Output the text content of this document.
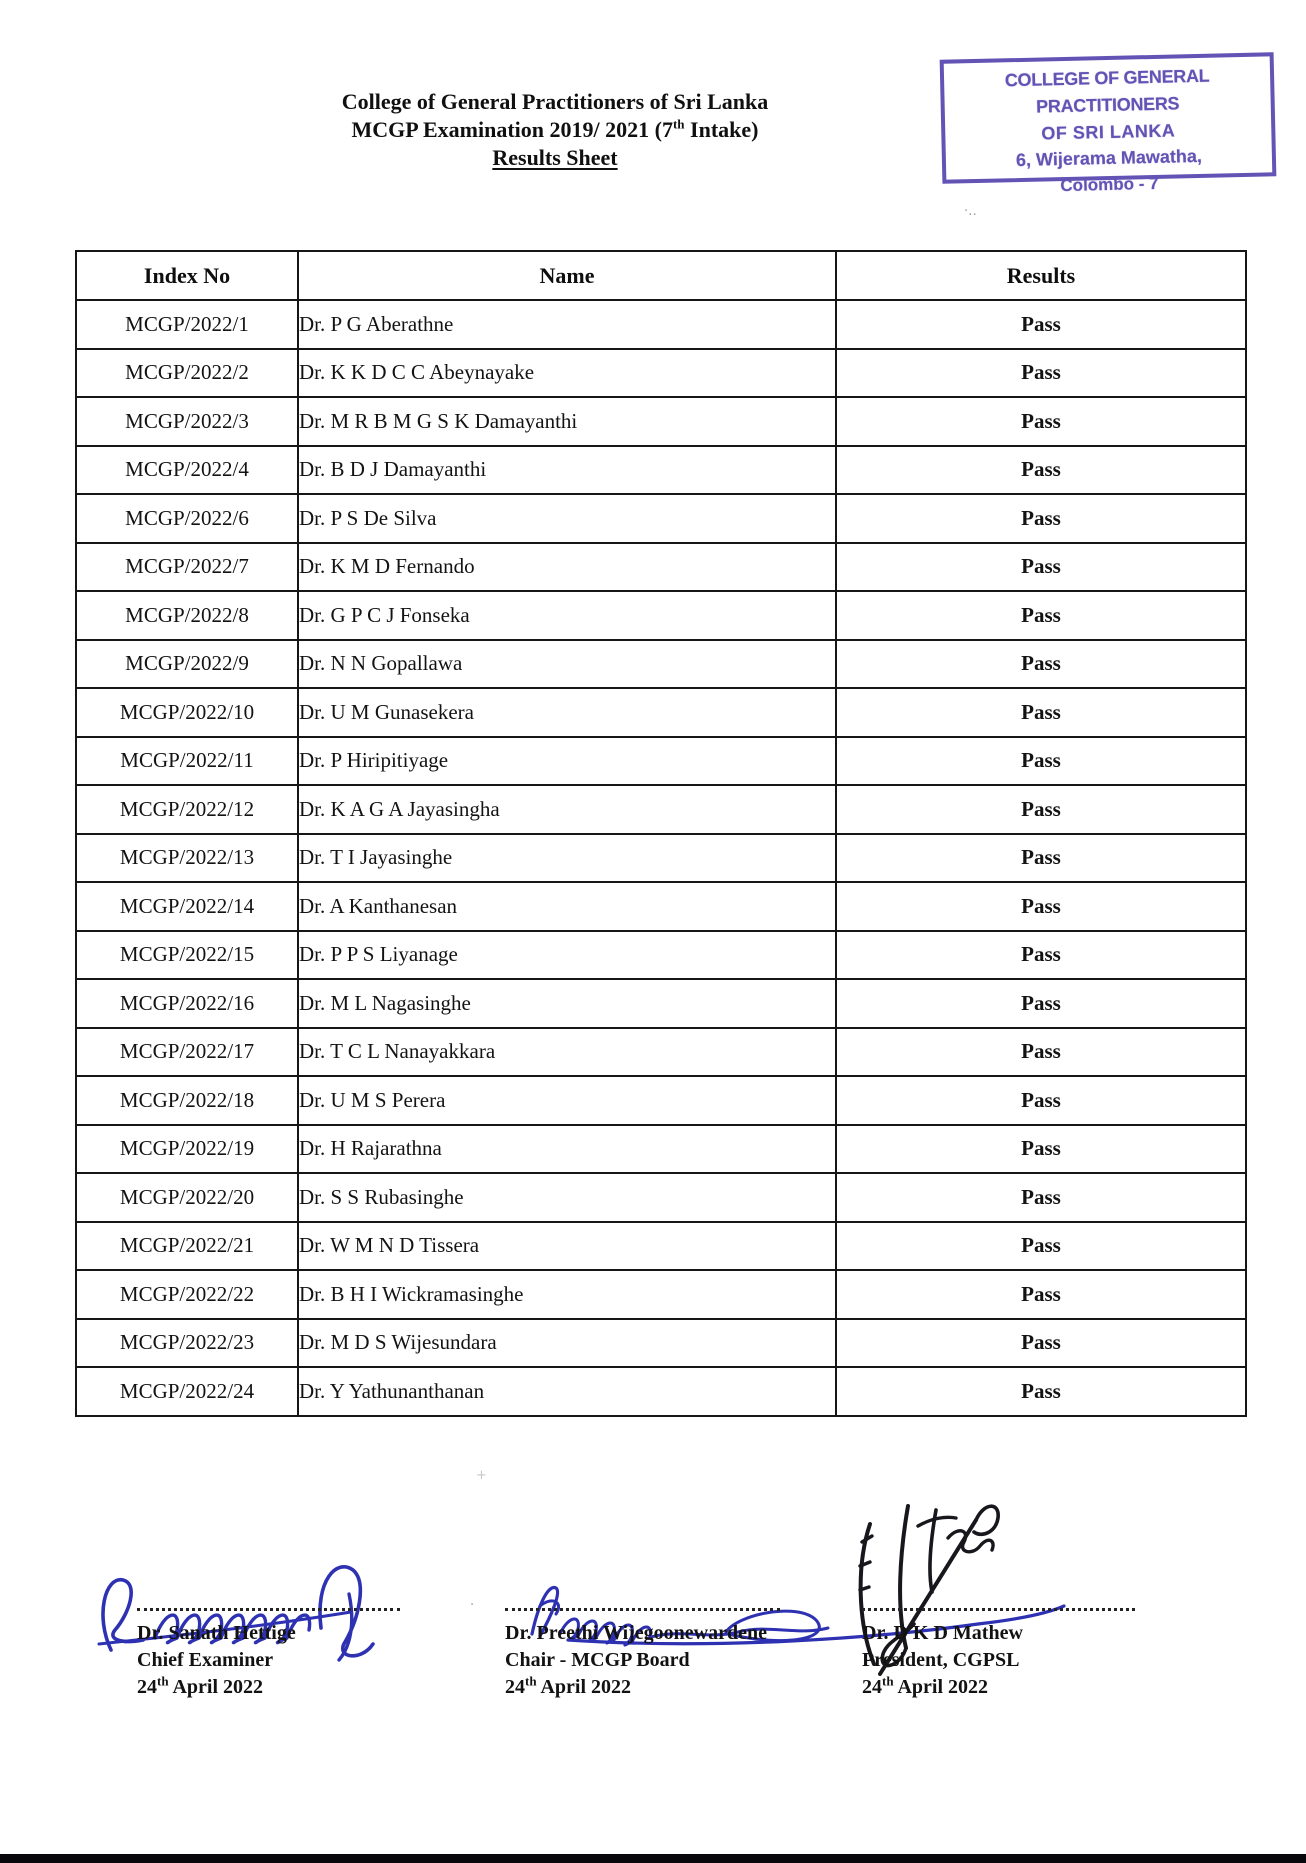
College of General Practitioners of Sri Lanka
MCGP Examination 2019/ 2021 (7th Intake)
Results Sheet
COLLEGE OF GENERAL PRACTITIONERS
OF SRI LANKA
6, Wijerama Mawatha,
Colombo - 7
·‥
+
·
Index No	Name	Results
MCGP/2022/1	Dr. P G Aberathne	Pass
MCGP/2022/2	Dr. K K D C C Abeynayake	Pass
MCGP/2022/3	Dr. M R B M G S K Damayanthi	Pass
MCGP/2022/4	Dr. B D J Damayanthi	Pass
MCGP/2022/6	Dr. P S De Silva	Pass
MCGP/2022/7	Dr. K M D Fernando	Pass
MCGP/2022/8	Dr. G P C J Fonseka	Pass
MCGP/2022/9	Dr. N N Gopallawa	Pass
MCGP/2022/10	Dr. U M Gunasekera	Pass
MCGP/2022/11	Dr. P Hiripitiyage	Pass
MCGP/2022/12	Dr. K A G A Jayasingha	Pass
MCGP/2022/13	Dr. T I Jayasinghe	Pass
MCGP/2022/14	Dr. A Kanthanesan	Pass
MCGP/2022/15	Dr. P P S Liyanage	Pass
MCGP/2022/16	Dr. M L Nagasinghe	Pass
MCGP/2022/17	Dr. T C L Nanayakkara	Pass
MCGP/2022/18	Dr. U M S Perera	Pass
MCGP/2022/19	Dr. H Rajarathna	Pass
MCGP/2022/20	Dr. S S Rubasinghe	Pass
MCGP/2022/21	Dr. W M N D Tissera	Pass
MCGP/2022/22	Dr. B H I Wickramasinghe	Pass
MCGP/2022/23	Dr. M D S Wijesundara	Pass
MCGP/2022/24	Dr. Y Yathunanthanan	Pass
Dr. Sanath Hettige
Chief Examiner
24th April 2022
Dr. Preethi Wijegoonewardene
Chair - MCGP Board
24th April 2022
Dr. D K D Mathew
President, CGPSL
24th April 2022
